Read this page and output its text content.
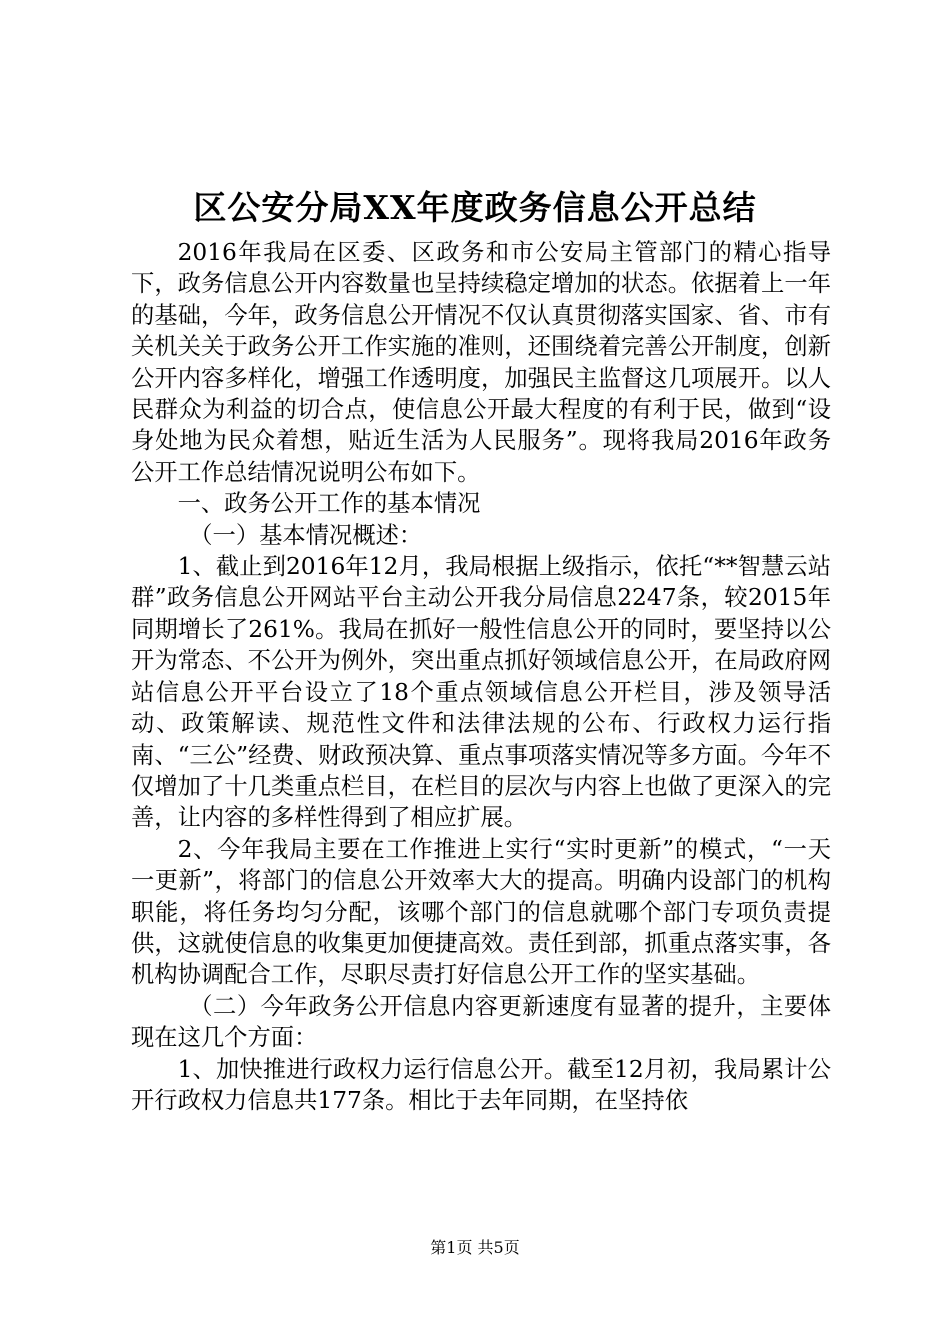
区公安分局XX年度政务信息公开总结

2016年我局在区委、区政务和市公安局主管部门的精心指导下，政务信息公开内容数量也呈持续稳定增加的状态。依据着上一年的基础，今年，政务信息公开情况不仅认真贯彻落实国家、省、市有关机关关于政务公开工作实施的准则，还围绕着完善公开制度，创新公开内容多样化，增强工作透明度，加强民主监督这几项展开。以人民群众为利益的切合点，使信息公开最大程度的有利于民，做到“设身处地为民众着想，贴近生活为人民服务”。现将我局2016年政务公开工作总结情况说明公布如下。

一、政务公开工作的基本情况

（一）基本情况概述：

1、截止到2016年12月，我局根据上级指示，依托“**智慧云站群”政务信息公开网站平台主动公开我分局信息2247条，较2015年同期增长了261%。我局在抓好一般性信息公开的同时，要坚持以公开为常态、不公开为例外，突出重点抓好领域信息公开，在局政府网站信息公开平台设立了18个重点领域信息公开栏目，涉及领导活动、政策解读、规范性文件和法律法规的公布、行政权力运行指南、“三公”经费、财政预决算、重点事项落实情况等多方面。今年不仅增加了十几类重点栏目，在栏目的层次与内容上也做了更深入的完善，让内容的多样性得到了相应扩展。

2、今年我局主要在工作推进上实行“实时更新”的模式，“一天一更新”，将部门的信息公开效率大大的提高。明确内设部门的机构职能，将任务均匀分配，该哪个部门的信息就哪个部门专项负责提供，这就使信息的收集更加便捷高效。责任到部，抓重点落实事，各机构协调配合工作，尽职尽责打好信息公开工作的坚实基础。

（二）今年政务公开信息内容更新速度有显著的提升，主要体现在这几个方面：

1、加快推进行政权力运行信息公开。截至12月初，我局累计公开行政权力信息共177条。相比于去年同期，在坚持依

第1页 共5页
